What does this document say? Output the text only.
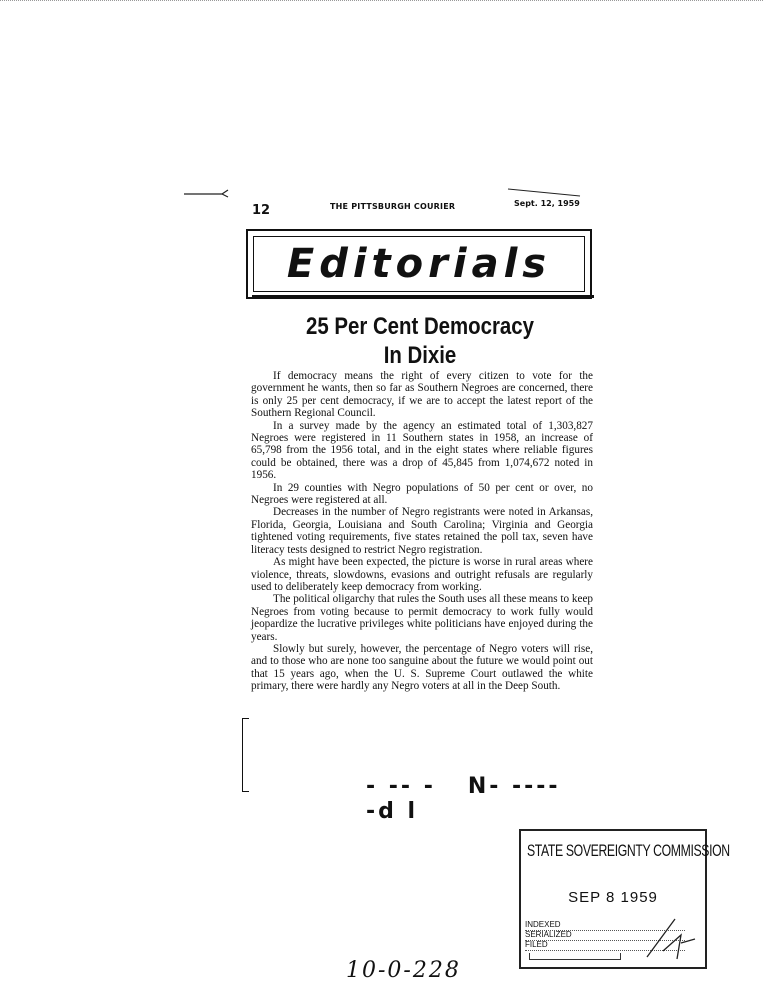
12	THE PITTSBURGH COURIER	Sept. 12, 1959
Editorials
25 Per Cent Democracy
In Dixie

If democracy means the right of every citizen to vote for the government he wants, then so far as Southern Negroes are concerned, there is only 25 per cent democracy, if we are to accept the latest report of the Southern Regional Council.

In a survey made by the agency an estimated total of 1,303,827 Negroes were registered in 11 Southern states in 1958, an increase of 65,798 from the 1956 total, and in the eight states where reliable figures could be obtained, there was a drop of 45,845 from 1,074,672 noted in 1956.

In 29 counties with Negro populations of 50 per cent or over, no Negroes were registered at all.

Decreases in the number of Negro registrants were noted in Arkansas, Florida, Georgia, Louisiana and South Carolina; Virginia and Georgia tightened voting requirements, five states retained the poll tax, seven have literacy tests designed to restrict Negro registration.

As might have been expected, the picture is worse in rural areas where violence, threats, slowdowns, evasions and outright refusals are regularly used to deliberately keep democracy from working.

The political oligarchy that rules the South uses all these means to keep Negroes from voting because to permit democracy to work fully would jeopardize the lucrative privileges white politicians have enjoyed during the years.

Slowly but surely, however, the percentage of Negro voters will rise, and to those who are none too sanguine about the future we would point out that 15 years ago, when the U. S. Supreme Court outlawed the white primary, there were hardly any Negro voters at all in the Deep South.

- -- -   N- ---- -d l
STATE SOVEREIGNTY COMMISSION
SEP 8 1959
INDEXED
SERIALIZED
FILED
10-0-228
